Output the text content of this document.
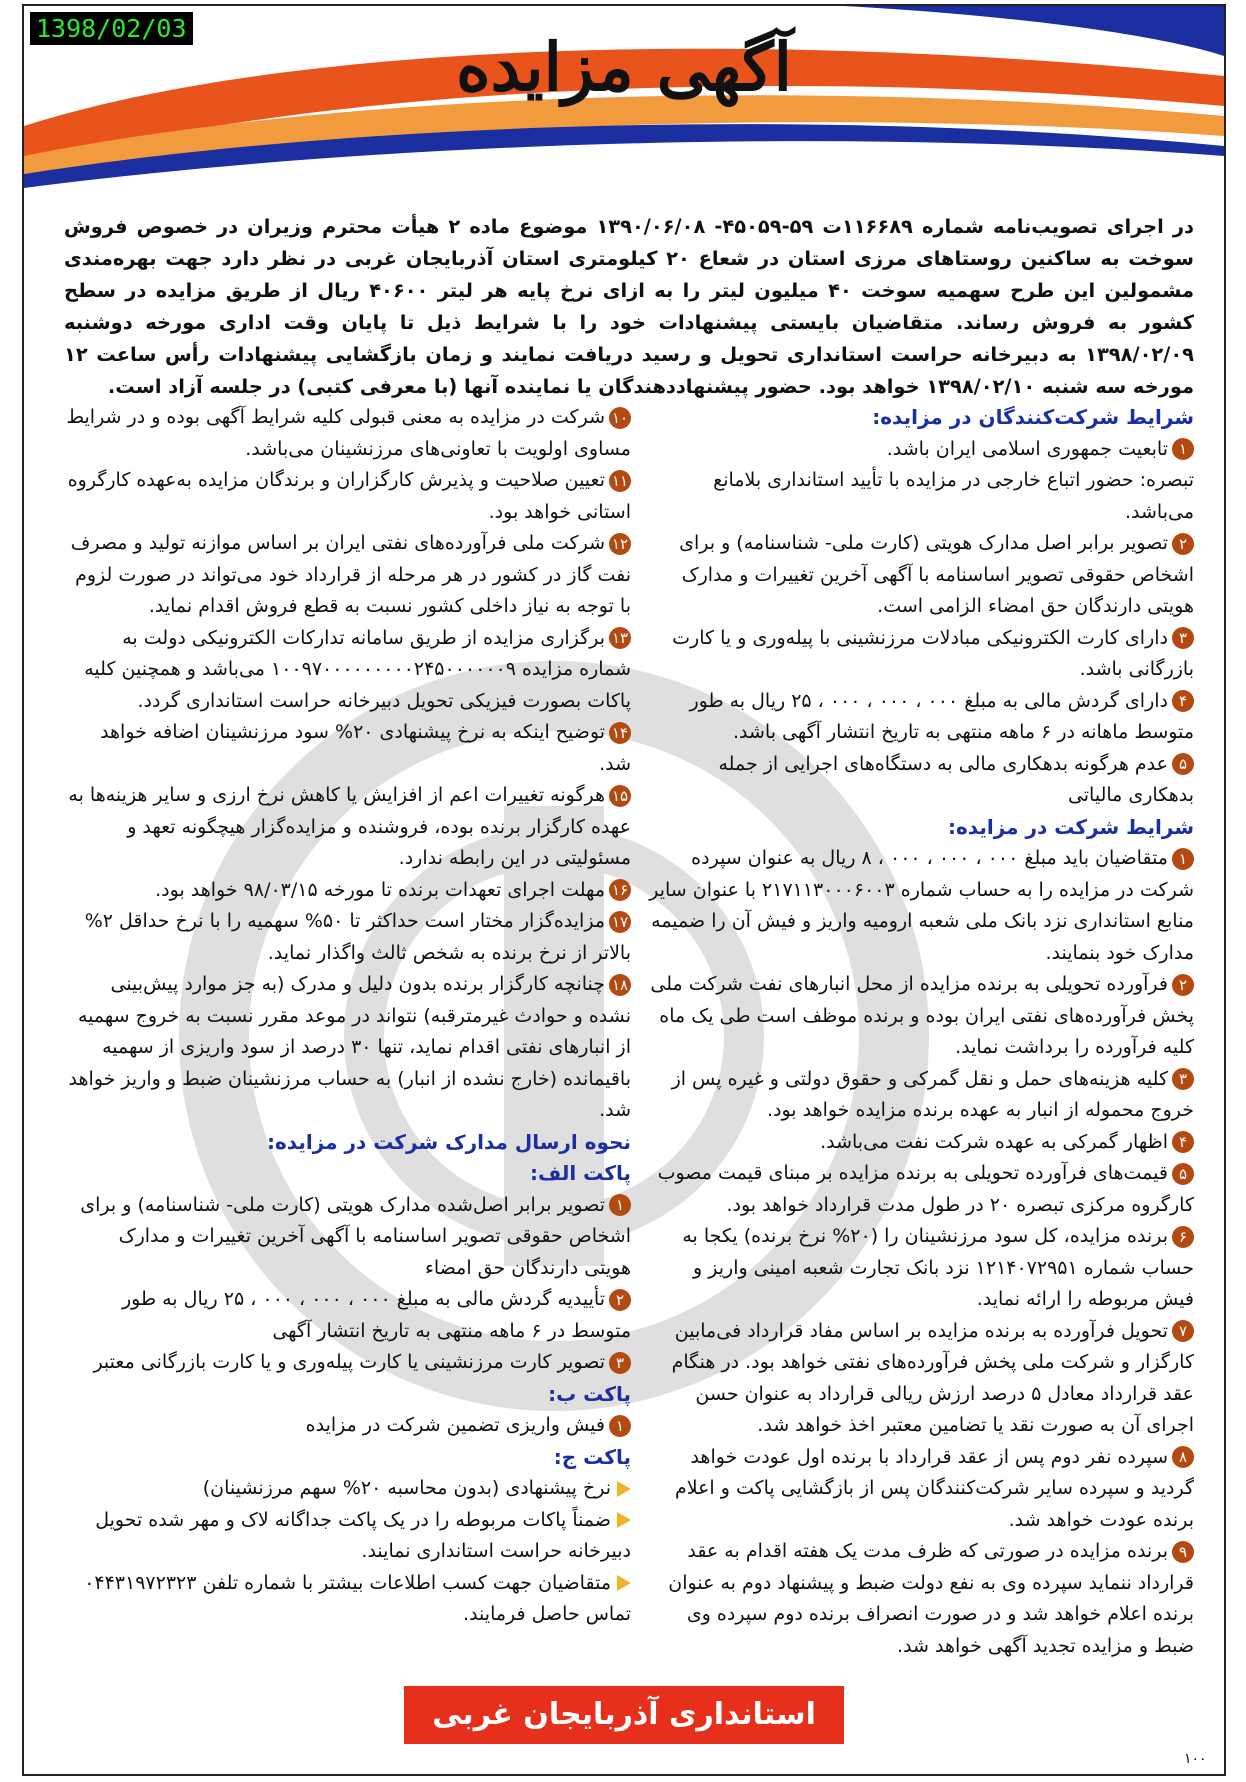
1398/02/03	آگهی مزایده
در اجرای تصویب‌نامه شماره ۱۱۶۶۸۹ت ۵۹-۴۵۰۵۹- ۱۳۹۰/۰۶/۰۸ موضوع ماده ۲ هیأت محترم وزیران در خصوص فروش سوخت به ساکنین روستاهای مرزی استان در شعاع ۲۰ کیلومتری استان آذربایجان غربی در نظر دارد جهت بهره‌مندی مشمولین این طرح سهمیه سوخت ۴۰ میلیون لیتر را به ازای نرخ پایه هر لیتر ۴۰۶۰۰ ریال از طریق مزایده در سطح کشور به فروش رساند. متقاضیان بایستی پیشنهادات خود را با شرایط ذیل تا پایان وقت اداری مورخه دوشنبه ۱۳۹۸/۰۲/۰۹ به دبیرخانه حراست استانداری تحویل و رسید دریافت نمایند و زمان بازگشایی پیشنهادات رأس ساعت ۱۲ مورخه سه شنبه ۱۳۹۸/۰۲/۱۰ خواهد بود. حضور پیشنهاددهندگان یا نماینده آنها (با معرفی کتبی) در جلسه آزاد است.
شرایط شرکت‌کنندگان در مزایده:

۱تابعیت جمهوری اسلامی ایران باشد.

تبصره: حضور اتباع خارجی در مزایده با تأیید استانداری بلامانع می‌باشد.

۲تصویر برابر اصل مدارک هویتی (کارت ملی- شناسنامه) و برای اشخاص حقوقی تصویر اساسنامه با آگهی آخرین تغییرات و مدارک هویتی دارندگان حق امضاء الزامی است.

۳دارای کارت الکترونیکی مبادلات مرزنشینی با پیله‌وری و یا کارت بازرگانی باشد.

۴دارای گردش مالی به مبلغ ۰۰۰ ، ۰۰۰ ، ۰۰۰ ، ۲۵ ریال به طور متوسط ماهانه در ۶ ماهه منتهی به تاریخ انتشار آگهی باشد.

۵عدم هرگونه بدهکاری مالی به دستگاه‌های اجرایی از جمله بدهکاری مالیاتی

شرایط شرکت در مزایده:

۱متقاضیان باید مبلغ ۰۰۰ ، ۰۰۰ ، ۰۰۰ ، ۸ ریال به عنوان سپرده شرکت در مزایده را به حساب شماره ۲۱۷۱۱۳۰۰۰۶۰۰۳ با عنوان سایر منابع استانداری نزد بانک ملی شعبه ارومیه واریز و فیش آن را ضمیمه مدارک خود بنمایند.

۲فرآورده تحویلی به برنده مزایده از محل انبارهای نفت شرکت ملی پخش فرآورده‌های نفتی ایران بوده و برنده موظف است طی یک ماه کلیه فرآورده را برداشت نماید.

۳کلیه هزینه‌های حمل و نقل گمرکی و حقوق دولتی و غیره پس از خروج محموله از انبار به عهده برنده مزایده خواهد بود.

۴اظهار گمرکی به عهده شرکت نفت می‌باشد.

۵قیمت‌های فرآورده تحویلی به برنده مزایده بر مبنای قیمت مصوب کارگروه مرکزی تبصره ۲۰ در طول مدت قرارداد خواهد بود.

۶برنده مزایده، کل سود مرزنشینان را (۲۰% نرخ برنده) یکجا به حساب شماره ۱۲۱۴۰۷۲۹۵۱ نزد بانک تجارت شعبه امینی واریز و فیش مربوطه را ارائه نماید.

۷تحویل فرآورده به برنده مزایده بر اساس مفاد قرارداد فی‌مابین کارگزار و شرکت ملی پخش فرآورده‌های نفتی خواهد بود. در هنگام عقد قرارداد معادل ۵ درصد ارزش ریالی قرارداد به عنوان حسن اجرای آن به صورت نقد یا تضامین معتبر اخذ خواهد شد.

۸سپرده نفر دوم پس از عقد قرارداد با برنده اول عودت خواهد گردید و سپرده سایر شرکت‌کنندگان پس از بازگشایی پاکت و اعلام برنده عودت خواهد شد.

۹برنده مزایده در صورتی که ظرف مدت یک هفته اقدام به عقد قرارداد ننماید سپرده وی به نفع دولت ضبط و پیشنهاد دوم به عنوان برنده اعلام خواهد شد و در صورت انصراف برنده دوم سپرده وی ضبط و مزایده تجدید آگهی خواهد شد.

۱۰شرکت در مزایده به معنی قبولی کلیه شرایط آگهی بوده و در شرایط مساوی اولویت با تعاونی‌های مرزنشینان می‌باشد.

۱۱تعیین صلاحیت و پذیرش کارگزاران و برندگان مزایده به‌عهده کارگروه استانی خواهد بود.

۱۲شرکت ملی فرآورده‌های نفتی ایران بر اساس موازنه تولید و مصرف نفت گاز در کشور در هر مرحله از قرارداد خود می‌تواند در صورت لزوم با توجه به نیاز داخلی کشور نسبت به قطع فروش اقدام نماید.

۱۳برگزاری مزایده از طریق سامانه تدارکات الکترونیکی دولت به شماره مزایده ۱۰۰۹۷۰۰۰۰۰۰۰۰۰۲۴۵۰۰۰۰۰۰۹ می‌باشد و همچنین کلیه پاکات بصورت فیزیکی تحویل دبیرخانه حراست استانداری گردد.

۱۴توضیح اینکه به نرخ پیشنهادی ۲۰% سود مرزنشینان اضافه خواهد شد.

۱۵هرگونه تغییرات اعم از افزایش یا کاهش نرخ ارزی و سایر هزینه‌ها به عهده کارگزار برنده بوده، فروشنده و مزایده‌گزار هیچگونه تعهد و مسئولیتی در این رابطه ندارد.

۱۶مهلت اجرای تعهدات برنده تا مورخه ۹۸/۰۳/۱۵ خواهد بود.

۱۷مزایده‌گزار مختار است حداکثر تا ۵۰% سهمیه را با نرخ حداقل ۲% بالاتر از نرخ برنده به شخص ثالث واگذار نماید.

۱۸چنانچه کارگزار برنده بدون دلیل و مدرک (به جز موارد پیش‌بینی نشده و حوادث غیرمترقبه) نتواند در موعد مقرر نسبت به خروج سهمیه از انبارهای نفتی اقدام نماید، تنها ۳۰ درصد از سود واریزی از سهمیه باقیمانده (خارج نشده از انبار) به حساب مرزنشینان ضبط و واریز خواهد شد.

نحوه ارسال مدارک شرکت در مزایده:
پاکت الف:

۱تصویر برابر اصل‌شده مدارک هویتی (کارت ملی- شناسنامه) و برای اشخاص حقوقی تصویر اساسنامه با آگهی آخرین تغییرات و مدارک هویتی دارندگان حق امضاء

۲تأییدیه گردش مالی به مبلغ ۰۰۰ ، ۰۰۰ ، ۰۰۰ ، ۲۵ ریال به طور متوسط در ۶ ماهه منتهی به تاریخ انتشار آگهی

۳تصویر کارت مرزنشینی یا کارت پیله‌وری و یا کارت بازرگانی معتبر

پاکت ب:

۱فیش واریزی تضمین شرکت در مزایده

پاکت ج:

نرخ پیشنهادی (بدون محاسبه ۲۰% سهم مرزنشینان)

ضمناً پاکات مربوطه را در یک پاکت جداگانه لاک و مهر شده تحویل دبیرخانه حراست استانداری نمایند.

متقاضیان جهت کسب اطلاعات بیشتر با شماره تلفن ۰۴۴۳۱۹۷۲۳۲۳ تماس حاصل فرمایند.

استانداری آذربایجان غربی
۱۰۰
